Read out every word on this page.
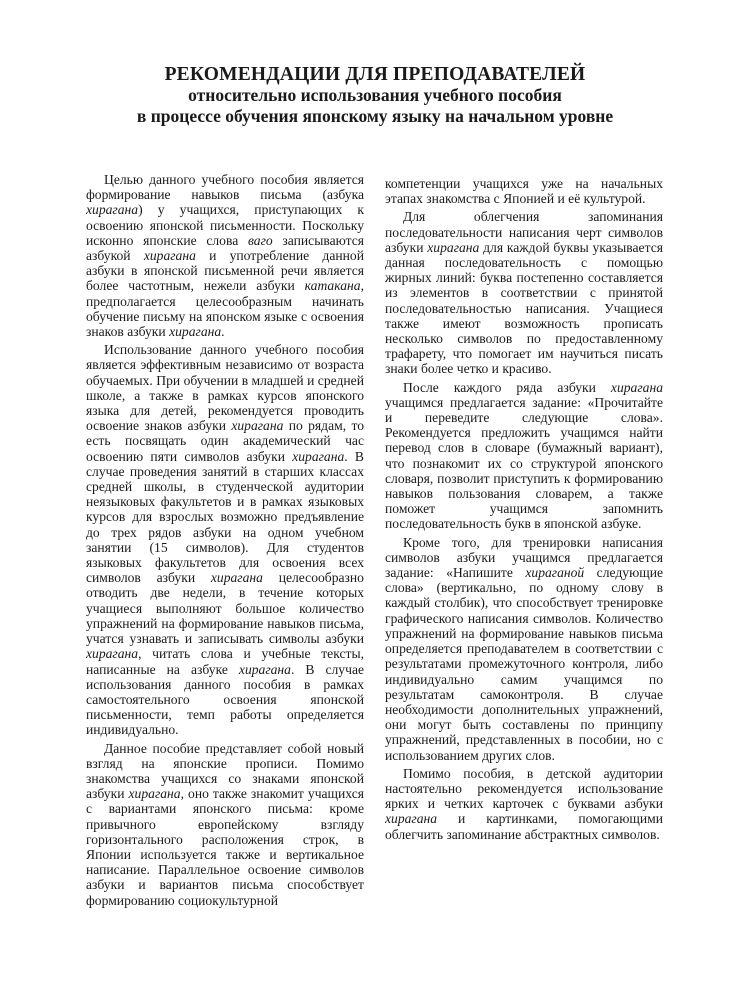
РЕКОМЕНДАЦИИ ДЛЯ ПРЕПОДАВАТЕЛЕЙ
относительно использования учебного пособия
в процессе обучения японскому языку на начальном уровне

Целью данного учебного пособия является формирование навыков письма (азбука хирагана) у учащихся, приступающих к освоению японской письменности. Поскольку исконно японские слова ваго записываются азбукой хирагана и употребление данной азбуки в японской письменной речи является более частотным, нежели азбуки катакана, предполагается целесообразным начинать обучение письму на японском языке с освоения знаков азбуки хирагана.

Использование данного учебного пособия является эффективным независимо от возраста обучаемых. При обучении в младшей и средней школе, а также в рамках курсов японского языка для детей, рекомендуется проводить освоение знаков азбуки хирагана по рядам, то есть посвящать один академический час освоению пяти символов азбуки хирагана. В случае проведения занятий в старших классах средней школы, в студенческой аудитории неязыковых факультетов и в рамках языковых курсов для взрослых возможно предъявление до трех рядов азбуки на одном учебном занятии (15 символов). Для студентов языковых факультетов для освоения всех символов азбуки хирагана целесообразно отводить две недели, в течение которых учащиеся выполняют большое количество упражнений на формирование навыков письма, учатся узнавать и записывать символы азбуки хирагана, читать слова и учебные тексты, написанные на азбуке хирагана. В случае использования данного пособия в рамках самостоятельного освоения японской письменности, темп работы определяется индивидуально.

Данное пособие представляет собой новый взгляд на японские прописи. Помимо знакомства учащихся со знаками японской азбуки хирагана, оно также знакомит учащихся с вариантами японского письма: кроме привычного европейскому взгляду горизонтального расположения строк, в Японии используется также и вертикальное написание. Параллельное освоение символов азбуки и вариантов письма способствует формированию социокультурной

компетенции учащихся уже на начальных этапах знакомства с Японией и её культурой.

Для облегчения запоминания последовательности написания черт символов азбуки хирагана для каждой буквы указывается данная последовательность с помощью жирных линий: буква постепенно составляется из элементов в соответствии с принятой последовательностью написания. Учащиеся также имеют возможность прописать несколько символов по предоставленному трафарету, что помогает им научиться писать знаки более четко и красиво.

После каждого ряда азбуки хирагана учащимся предлагается задание: «Прочитайте и переведите следующие слова». Рекомендуется предложить учащимся найти перевод слов в словаре (бумажный вариант), что познакомит их со структурой японского словаря, позволит приступить к формированию навыков пользования словарем, а также поможет учащимся запомнить последовательность букв в японской азбуке.

Кроме того, для тренировки написания символов азбуки учащимся предлагается задание: «Напишите хираганой следующие слова» (вертикально, по одному слову в каждый столбик), что способствует тренировке графического написания символов. Количество упражнений на формирование навыков письма определяется преподавателем в соответствии с результатами промежуточного контроля, либо индивидуально самим учащимся по результатам самоконтроля. В случае необходимости дополнительных упражнений, они могут быть составлены по принципу упражнений, представленных в пособии, но с использованием других слов.

Помимо пособия, в детской аудитории настоятельно рекомендуется использование ярких и четких карточек с буквами азбуки хирагана и картинками, помогающими облегчить запоминание абстрактных символов.
